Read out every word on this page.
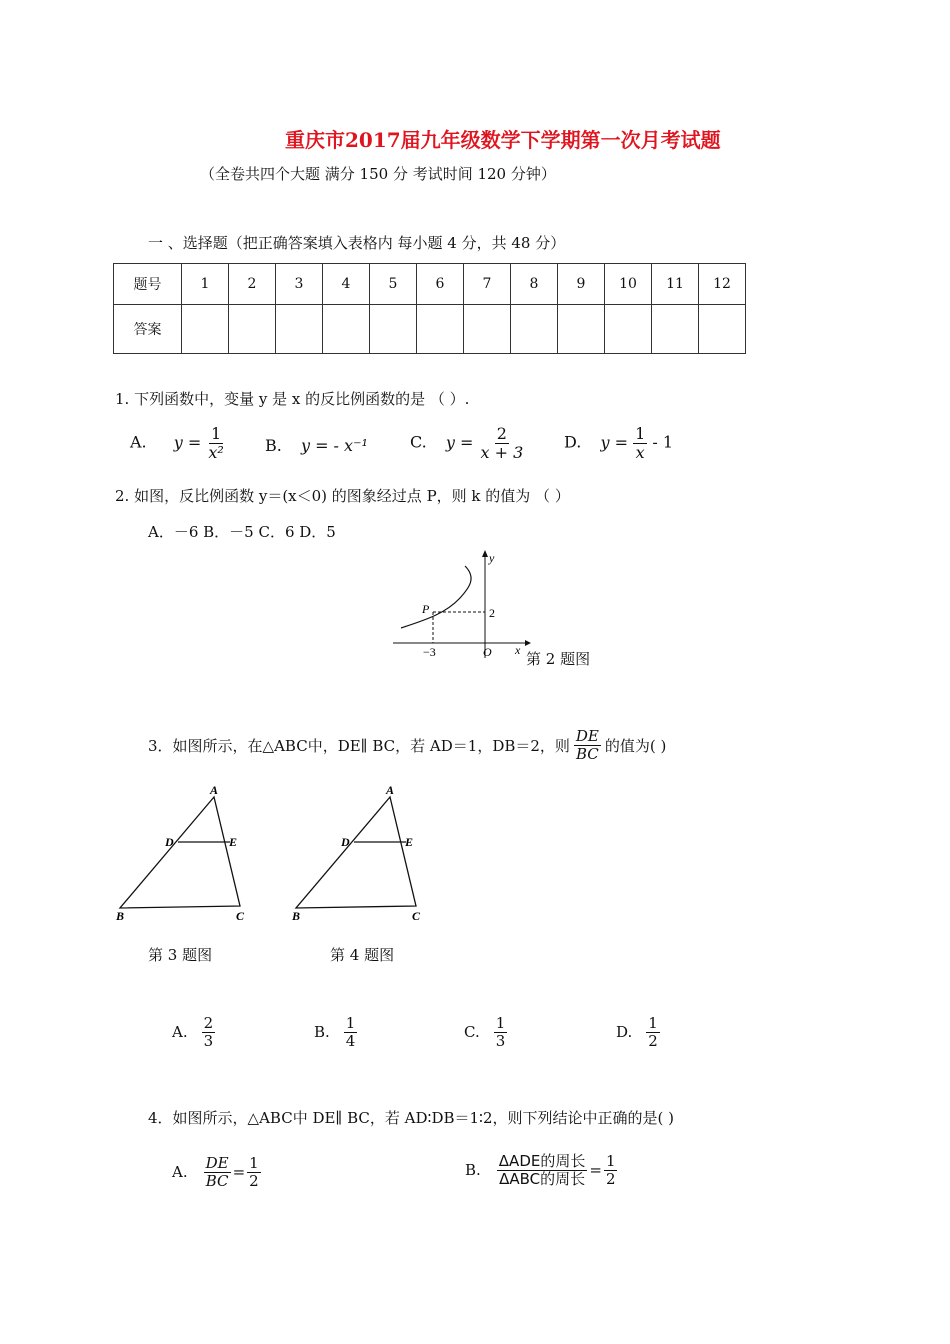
重庆市2017届九年级数学下学期第一次月考试题
（全卷共四个大题 满分 150 分 考试时间 120 分钟）
一 、选择题（把正确答案填入表格内 每小题 4 分，共 48 分）
题号	1	2	3	4	5	6	7	8	9	10	11	12
答案												
1. 下列函数中，变量 y 是 x 的反比例函数的是 （ ）.
A. $y = \frac{1}{\text{x²}} B$. y = - x⁻¹	C. $y = \frac{2}{x + 3} D$. $y = \frac{1}{x} - 1$
2. 如图，反比例函数 y＝(x＜0) 的图象经过点 P，则 k 的值为 （ ）
A．－6 B．－5 C．6 D．5
y
x
P	2
−3	O 第 2 题图
3．如图所示，在△ABC中，DE∥ BC，若 AD＝1，DB＝2，则 $\frac{DE}{BC}$ 的值为( )
A
D	E
B	C
A
D	E
B	C
第 3 题图	第 4 题图
A. $\frac{2}{3}$	B. $\frac{1}{4}$	C. $\frac{1}{3}$	D. $\frac{1}{2}$
4．如图所示，△ABC中 DE∥ BC，若 AD∶DB＝1∶2，则下列结论中正确的是( )
A. $\frac{DE}{BC} = \frac{1}{2}$	B. $\frac{\text{ΔADE的周长}}{\text{ΔABC的周长}} = \frac{1}{2}$
